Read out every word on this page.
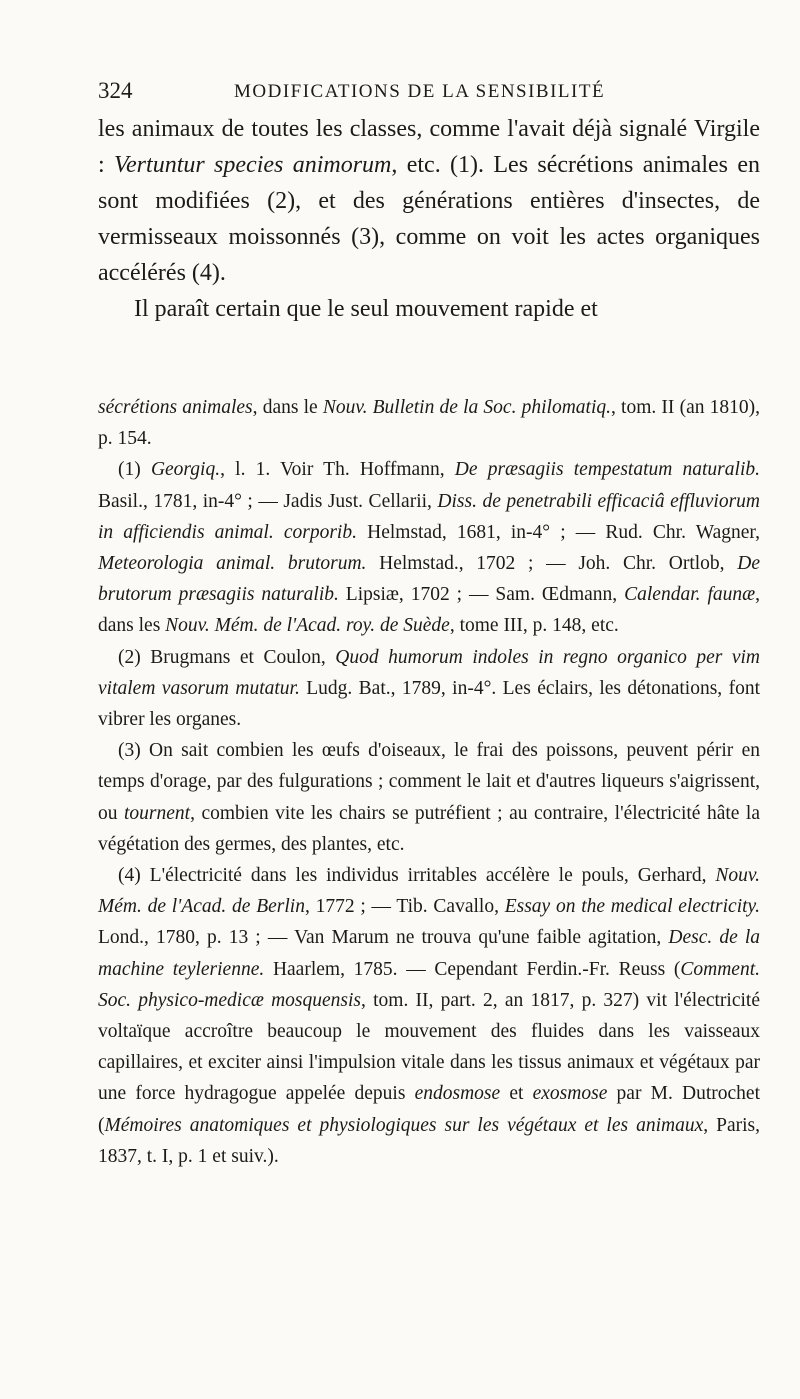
324	MODIFICATIONS DE LA SENSIBILITÉ

les animaux de toutes les classes, comme l'avait déjà signalé Virgile : Vertuntur species animorum, etc. (1). Les sécrétions animales en sont modifiées (2), et des générations entières d'insectes, de vermisseaux moissonnés (3), comme on voit les actes organiques accélérés (4).

Il paraît certain que le seul mouvement rapide et

sécrétions animales, dans le Nouv. Bulletin de la Soc. philomatiq., tom. II (an 1810), p. 154.

(1) Georgiq., l. 1. Voir Th. Hoffmann, De præsagiis tempestatum naturalib. Basil., 1781, in-4° ; — Jadis Just. Cellarii, Diss. de penetrabili efficaciâ effluviorum in afficiendis animal. corporib. Helmstad, 1681, in-4° ; — Rud. Chr. Wagner, Meteorologia animal. brutorum. Helmstad., 1702 ; — Joh. Chr. Ortlob, De brutorum præsagiis naturalib. Lipsiæ, 1702 ; — Sam. Œdmann, Calendar. faunæ, dans les Nouv. Mém. de l'Acad. roy. de Suède, tome III, p. 148, etc.

(2) Brugmans et Coulon, Quod humorum indoles in regno organico per vim vitalem vasorum mutatur. Ludg. Bat., 1789, in-4°. Les éclairs, les détonations, font vibrer les organes.

(3) On sait combien les œufs d'oiseaux, le frai des poissons, peuvent périr en temps d'orage, par des fulgurations ; comment le lait et d'autres liqueurs s'aigrissent, ou tournent, combien vite les chairs se putréfient ; au contraire, l'électricité hâte la végétation des germes, des plantes, etc.

(4) L'électricité dans les individus irritables accélère le pouls, Gerhard, Nouv. Mém. de l'Acad. de Berlin, 1772 ; — Tib. Cavallo, Essay on the medical electricity. Lond., 1780, p. 13 ; — Van Marum ne trouva qu'une faible agitation, Desc. de la machine teylerienne. Haarlem, 1785. — Cependant Ferdin.-Fr. Reuss (Comment. Soc. physico-medicæ mosquensis, tom. II, part. 2, an 1817, p. 327) vit l'électricité voltaïque accroître beaucoup le mouvement des fluides dans les vaisseaux capillaires, et exciter ainsi l'impulsion vitale dans les tissus animaux et végétaux par une force hydragogue appelée depuis endosmose et exosmose par M. Dutrochet (Mémoires anatomiques et physiologiques sur les végétaux et les animaux, Paris, 1837, t. I, p. 1 et suiv.).
